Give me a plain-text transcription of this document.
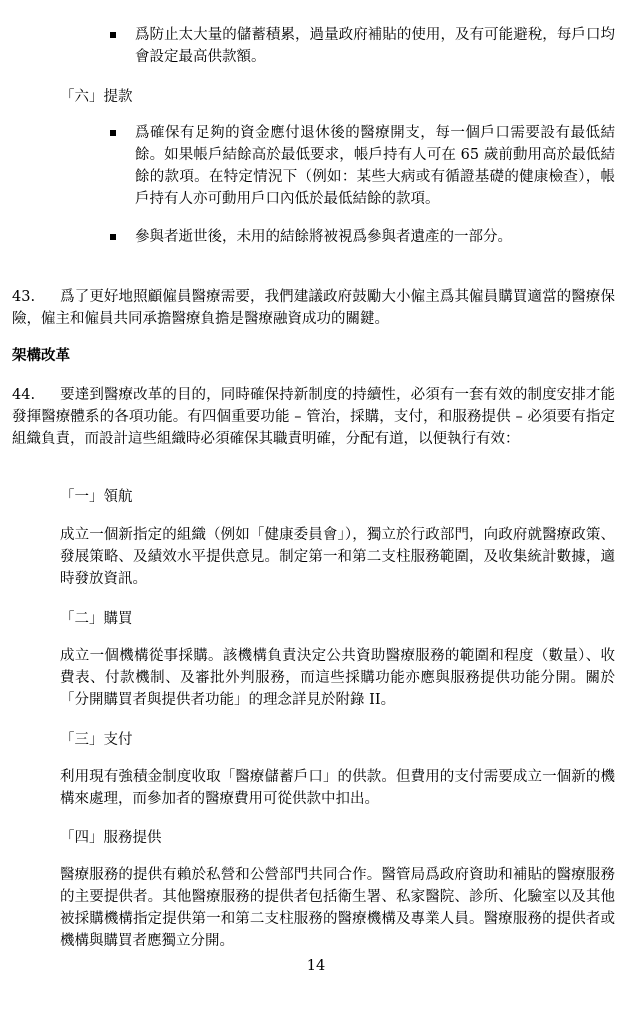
爲防止太大量的儲蓄積累，過量政府補貼的使用，及有可能避稅，每戶口均會設定最高供款額。
「六」提款
爲確保有足夠的資金應付退休後的醫療開支，每一個戶口需要設有最低結餘。如果帳戶結餘高於最低要求，帳戶持有人可在 65 歲前動用高於最低結餘的款項。在特定情況下（例如：某些大病或有循證基礎的健康檢查），帳戶持有人亦可動用戶口內低於最低結餘的款項。
參與者逝世後，未用的結餘將被視爲參與者遺產的一部分。
43. 爲了更好地照顧僱員醫療需要，我們建議政府鼓勵大小僱主爲其僱員購買適當的醫療保險，僱主和僱員共同承擔醫療負擔是醫療融資成功的關鍵。
架構改革
44. 要達到醫療改革的目的，同時確保持新制度的持續性，必須有一套有效的制度安排才能發揮醫療體系的各項功能。有四個重要功能 – 管治，採購，支付，和服務提供 – 必須要有指定組織負責，而設計這些組織時必須確保其職責明確，分配有道，以便執行有效：
「一」領航
成立一個新指定的組織（例如「健康委員會」），獨立於行政部門，向政府就醫療政策、發展策略、及績效水平提供意見。制定第一和第二支柱服務範圍，及收集統計數據，適時發放資訊。
「二」購買
成立一個機構從事採購。該機構負責決定公共資助醫療服務的範圍和程度（數量）、收費表、付款機制、及審批外判服務，而這些採購功能亦應與服務提供功能分開。關於「分開購買者與提供者功能」的理念詳見於附錄 II。
「三」支付
利用現有強積金制度收取「醫療儲蓄戶口」的供款。但費用的支付需要成立一個新的機構來處理，而參加者的醫療費用可從供款中扣出。
「四」服務提供
醫療服務的提供有賴於私營和公營部門共同合作。醫管局爲政府資助和補貼的醫療服務的主要提供者。其他醫療服務的提供者包括衛生署、私家醫院、診所、化驗室以及其他被採購機構指定提供第一和第二支柱服務的醫療機構及專業人員。醫療服務的提供者或機構與購買者應獨立分開。
14
